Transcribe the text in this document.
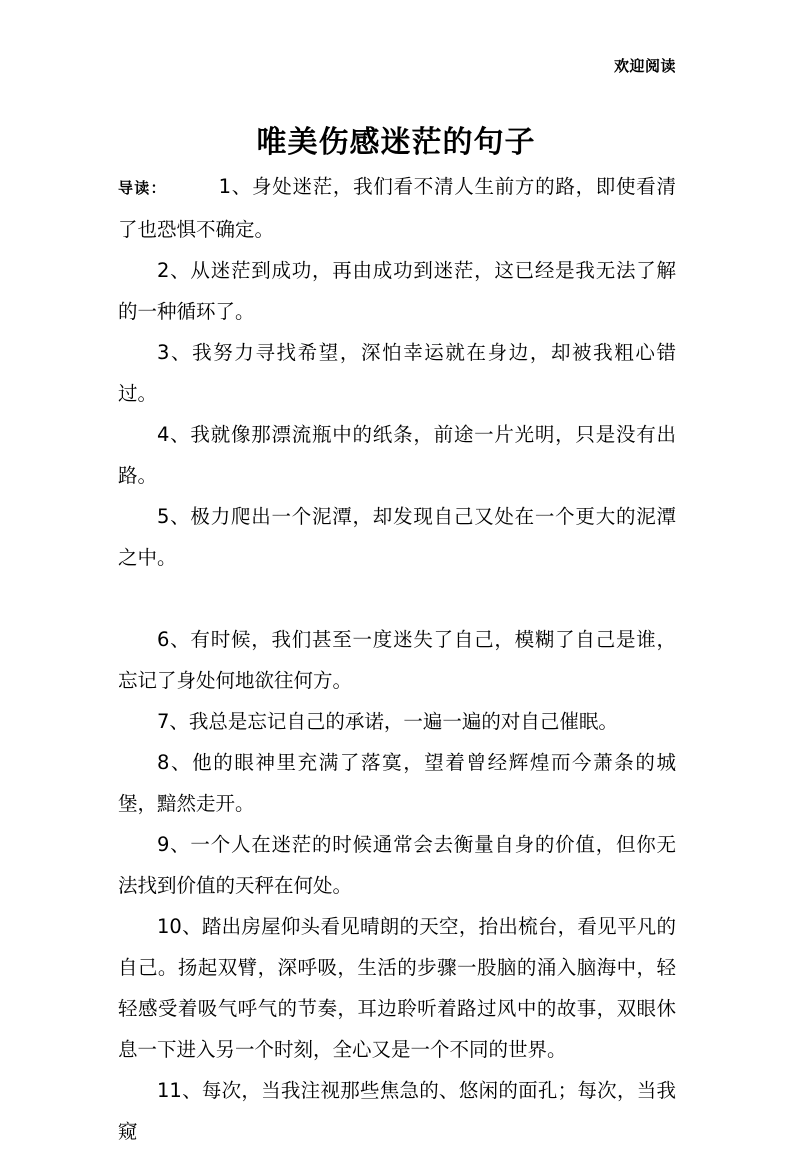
欢迎阅读
唯美伤感迷茫的句子

导读：	1、身处迷茫，我们看不清人生前方的路，即使看清了也恐惧不确定。

2、从迷茫到成功，再由成功到迷茫，这已经是我无法了解的一种循环了。

3、我努力寻找希望，深怕幸运就在身边，却被我粗心错过。

4、我就像那漂流瓶中的纸条，前途一片光明，只是没有出路。

5、极力爬出一个泥潭，却发现自己又处在一个更大的泥潭之中。

6、有时候，我们甚至一度迷失了自己，模糊了自己是谁，忘记了身处何地欲往何方。

7、我总是忘记自己的承诺，一遍一遍的对自己催眠。

8、他的眼神里充满了落寞，望着曾经辉煌而今萧条的城堡，黯然走开。

9、一个人在迷茫的时候通常会去衡量自身的价值，但你无法找到价值的天秤在何处。

10、踏出房屋仰头看见晴朗的天空，抬出梳台，看见平凡的自己。扬起双臂，深呼吸，生活的步骤一股脑的涌入脑海中，轻轻感受着吸气呼气的节奏，耳边聆听着路过风中的故事，双眼休息一下进入另一个时刻，全心又是一个不同的世界。

11、每次，当我注视那些焦急的、悠闲的面孔；每次，当我窥
